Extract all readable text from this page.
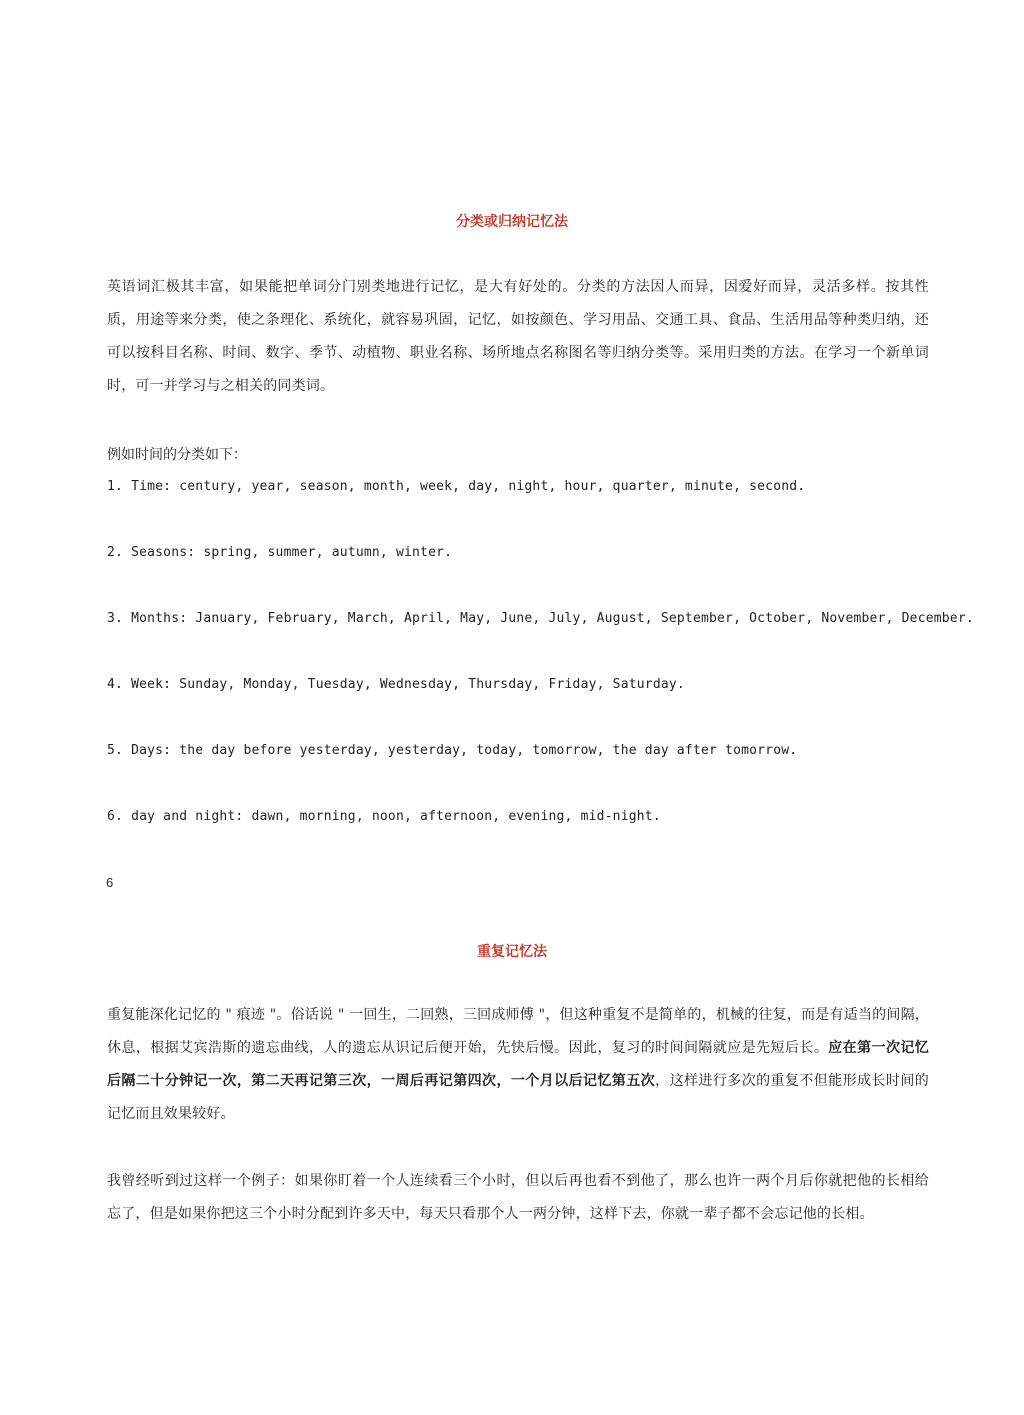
分类或归纳记忆法
英语词汇极其丰富，如果能把单词分门别类地进行记忆，是大有好处的。分类的方法因人而异，因爱好而异，灵活多样。按其性质，用途等来分类，使之条理化、系统化，就容易巩固，记忆，如按颜色、学习用品、交通工具、食品、生活用品等种类归纳，还可以按科目名称、时间、数字、季节、动植物、职业名称、场所地点名称图名等归纳分类等。采用归类的方法。在学习一个新单词时，可一并学习与之相关的同类词。
例如时间的分类如下：
1. Time: century, year, season, month, week, day, night, hour, quarter, minute, second.
2. Seasons: spring, summer, autumn, winter.
3. Months: January, February, March, April, May, June, July, August, September, October, November, December.
4. Week: Sunday, Monday, Tuesday, Wednesday, Thursday, Friday, Saturday.
5. Days: the day before yesterday, yesterday, today, tomorrow, the day after tomorrow.
6. day and night: dawn, morning, noon, afternoon, evening, mid-night.
6
重复记忆法
重复能深化记忆的 " 痕迹 "。俗话说 " 一回生，二回熟，三回成师傅 "，但这种重复不是简单的，机械的往复，而是有适当的间隔，休息，根据艾宾浩斯的遗忘曲线，人的遗忘从识记后便开始，先快后慢。因此，复习的时间间隔就应是先短后长。应在第一次记忆后隔二十分钟记一次，第二天再记第三次，一周后再记第四次，一个月以后记忆第五次，这样进行多次的重复不但能形成长时间的记忆而且效果较好。
我曾经听到过这样一个例子：如果你盯着一个人连续看三个小时，但以后再也看不到他了，那么也许一两个月后你就把他的长相给忘了，但是如果你把这三个小时分配到许多天中，每天只看那个人一两分钟，这样下去，你就一辈子都不会忘记他的长相。
